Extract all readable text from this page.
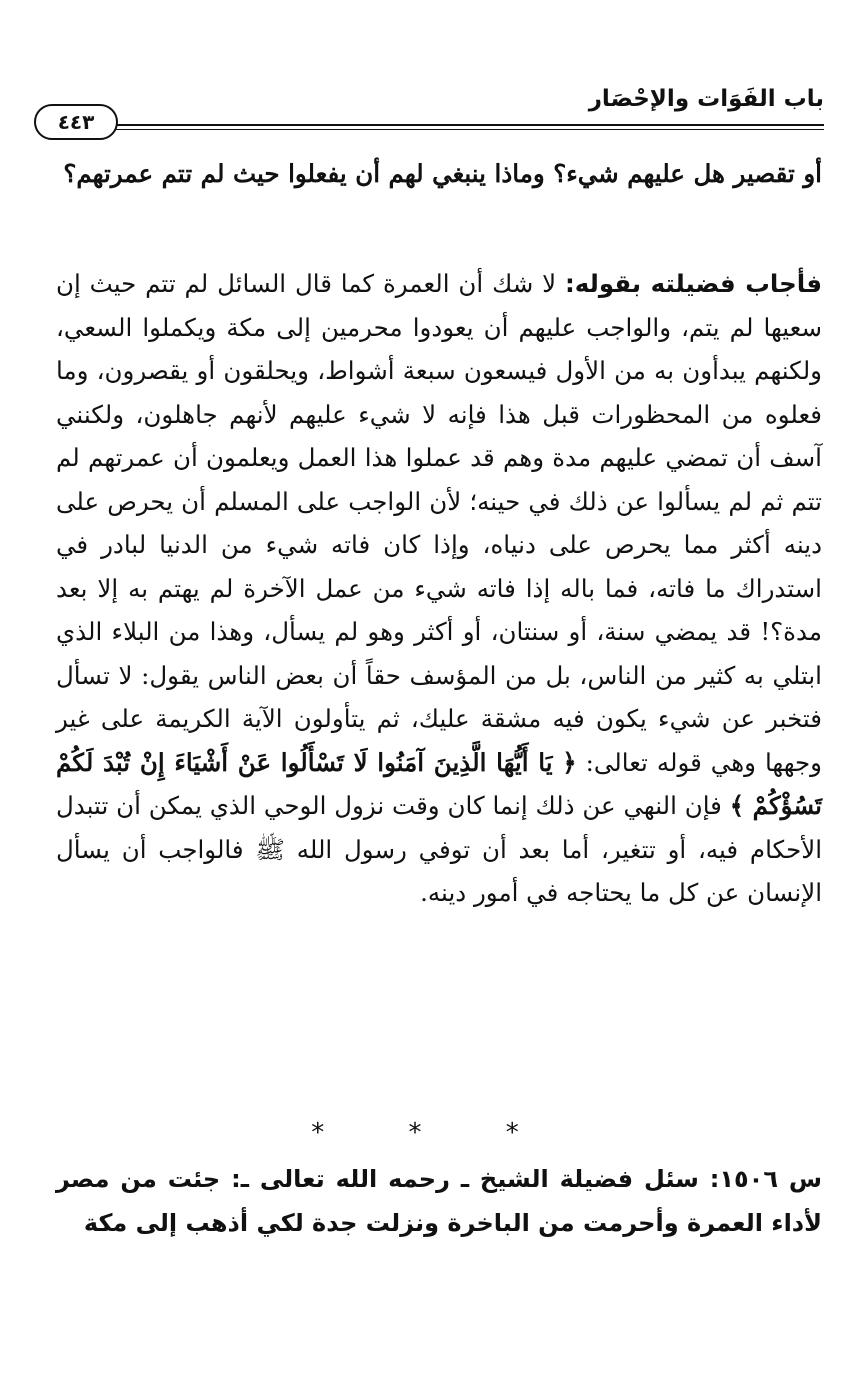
باب الفَوَات والإحْصَار
٤٤٣

أو تقصير هل عليهم شيء؟ وماذا ينبغي لهم أن يفعلوا حيث لم تتم عمرتهم؟

فأجاب فضيلته بقوله: لا شك أن العمرة كما قال السائل لم تتم حيث إن سعيها لم يتم، والواجب عليهم أن يعودوا محرمين إلى مكة ويكملوا السعي، ولكنهم يبدأون به من الأول فيسعون سبعة أشواط، ويحلقون أو يقصرون، وما فعلوه من المحظورات قبل هذا فإنه لا شيء عليهم لأنهم جاهلون، ولكنني آسف أن تمضي عليهم مدة وهم قد عملوا هذا العمل ويعلمون أن عمرتهم لم تتم ثم لم يسألوا عن ذلك في حينه؛ لأن الواجب على المسلم أن يحرص على دينه أكثر مما يحرص على دنياه، وإذا كان فاته شيء من الدنيا لبادر في استدراك ما فاته، فما باله إذا فاته شيء من عمل الآخرة لم يهتم به إلا بعد مدة؟! قد يمضي سنة، أو سنتان، أو أكثر وهو لم يسأل، وهذا من البلاء الذي ابتلي به كثير من الناس، بل من المؤسف حقاً أن بعض الناس يقول: لا تسأل فتخبر عن شيء يكون فيه مشقة عليك، ثم يتأولون الآية الكريمة على غير وجهها وهي قوله تعالى: ﴿ يَا أَيُّهَا الَّذِينَ آمَنُوا لَا تَسْأَلُوا عَنْ أَشْيَاءَ إِنْ تُبْدَ لَكُمْ تَسُؤْكُمْ ﴾ فإن النهي عن ذلك إنما كان وقت نزول الوحي الذي يمكن أن تتبدل الأحكام فيه، أو تتغير، أما بعد أن توفي رسول الله ﷺ فالواجب أن يسأل الإنسان عن كل ما يحتاجه في أمور دينه.

* * *

س ١٥٠٦: سئل فضيلة الشيخ ـ رحمه الله تعالى ـ: جئت من مصر لأداء العمرة وأحرمت من الباخرة ونزلت جدة لكي أذهب إلى مكة
